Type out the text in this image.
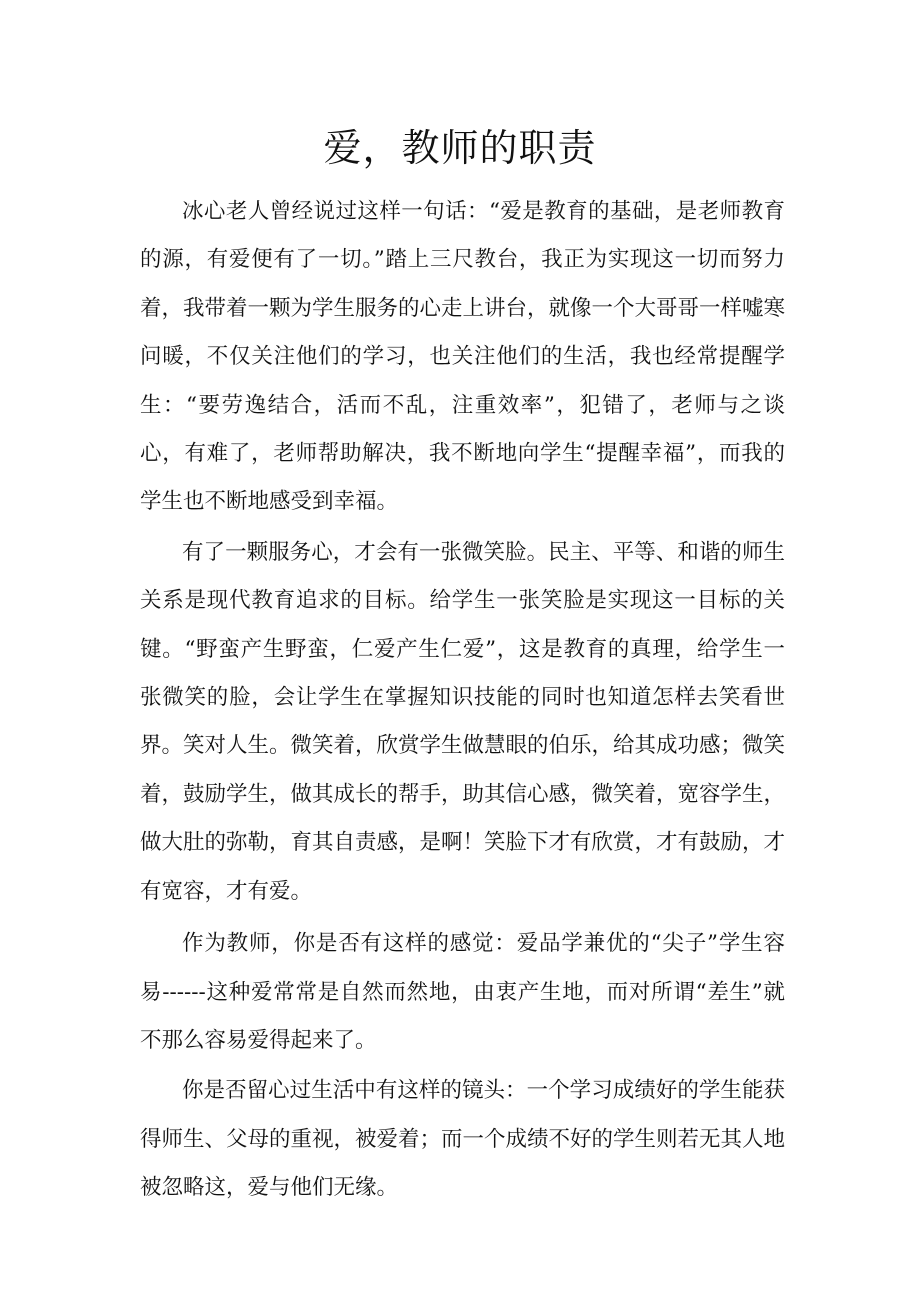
爱，教师的职责

冰心老人曾经说过这样一句话：“爱是教育的基础，是老师教育的源，有爱便有了一切。”踏上三尺教台，我正为实现这一切而努力着，我带着一颗为学生服务的心走上讲台，就像一个大哥哥一样嘘寒问暖，不仅关注他们的学习，也关注他们的生活，我也经常提醒学生：“要劳逸结合，活而不乱，注重效率”，犯错了，老师与之谈心，有难了，老师帮助解决，我不断地向学生“提醒幸福”，而我的学生也不断地感受到幸福。

有了一颗服务心，才会有一张微笑脸。民主、平等、和谐的师生关系是现代教育追求的目标。给学生一张笑脸是实现这一目标的关键。“野蛮产生野蛮，仁爱产生仁爱”，这是教育的真理，给学生一张微笑的脸，会让学生在掌握知识技能的同时也知道怎样去笑看世界。笑对人生。微笑着，欣赏学生做慧眼的伯乐，给其成功感；微笑着，鼓励学生，做其成长的帮手，助其信心感，微笑着，宽容学生，做大肚的弥勒，育其自责感，是啊！笑脸下才有欣赏，才有鼓励，才有宽容，才有爱。

作为教师，你是否有这样的感觉：爱品学兼优的“尖子”学生容易------这种爱常常是自然而然地，由衷产生地，而对所谓“差生”就不那么容易爱得起来了。

你是否留心过生活中有这样的镜头：一个学习成绩好的学生能获得师生、父母的重视，被爱着；而一个成绩不好的学生则若无其人地被忽略这，爱与他们无缘。
